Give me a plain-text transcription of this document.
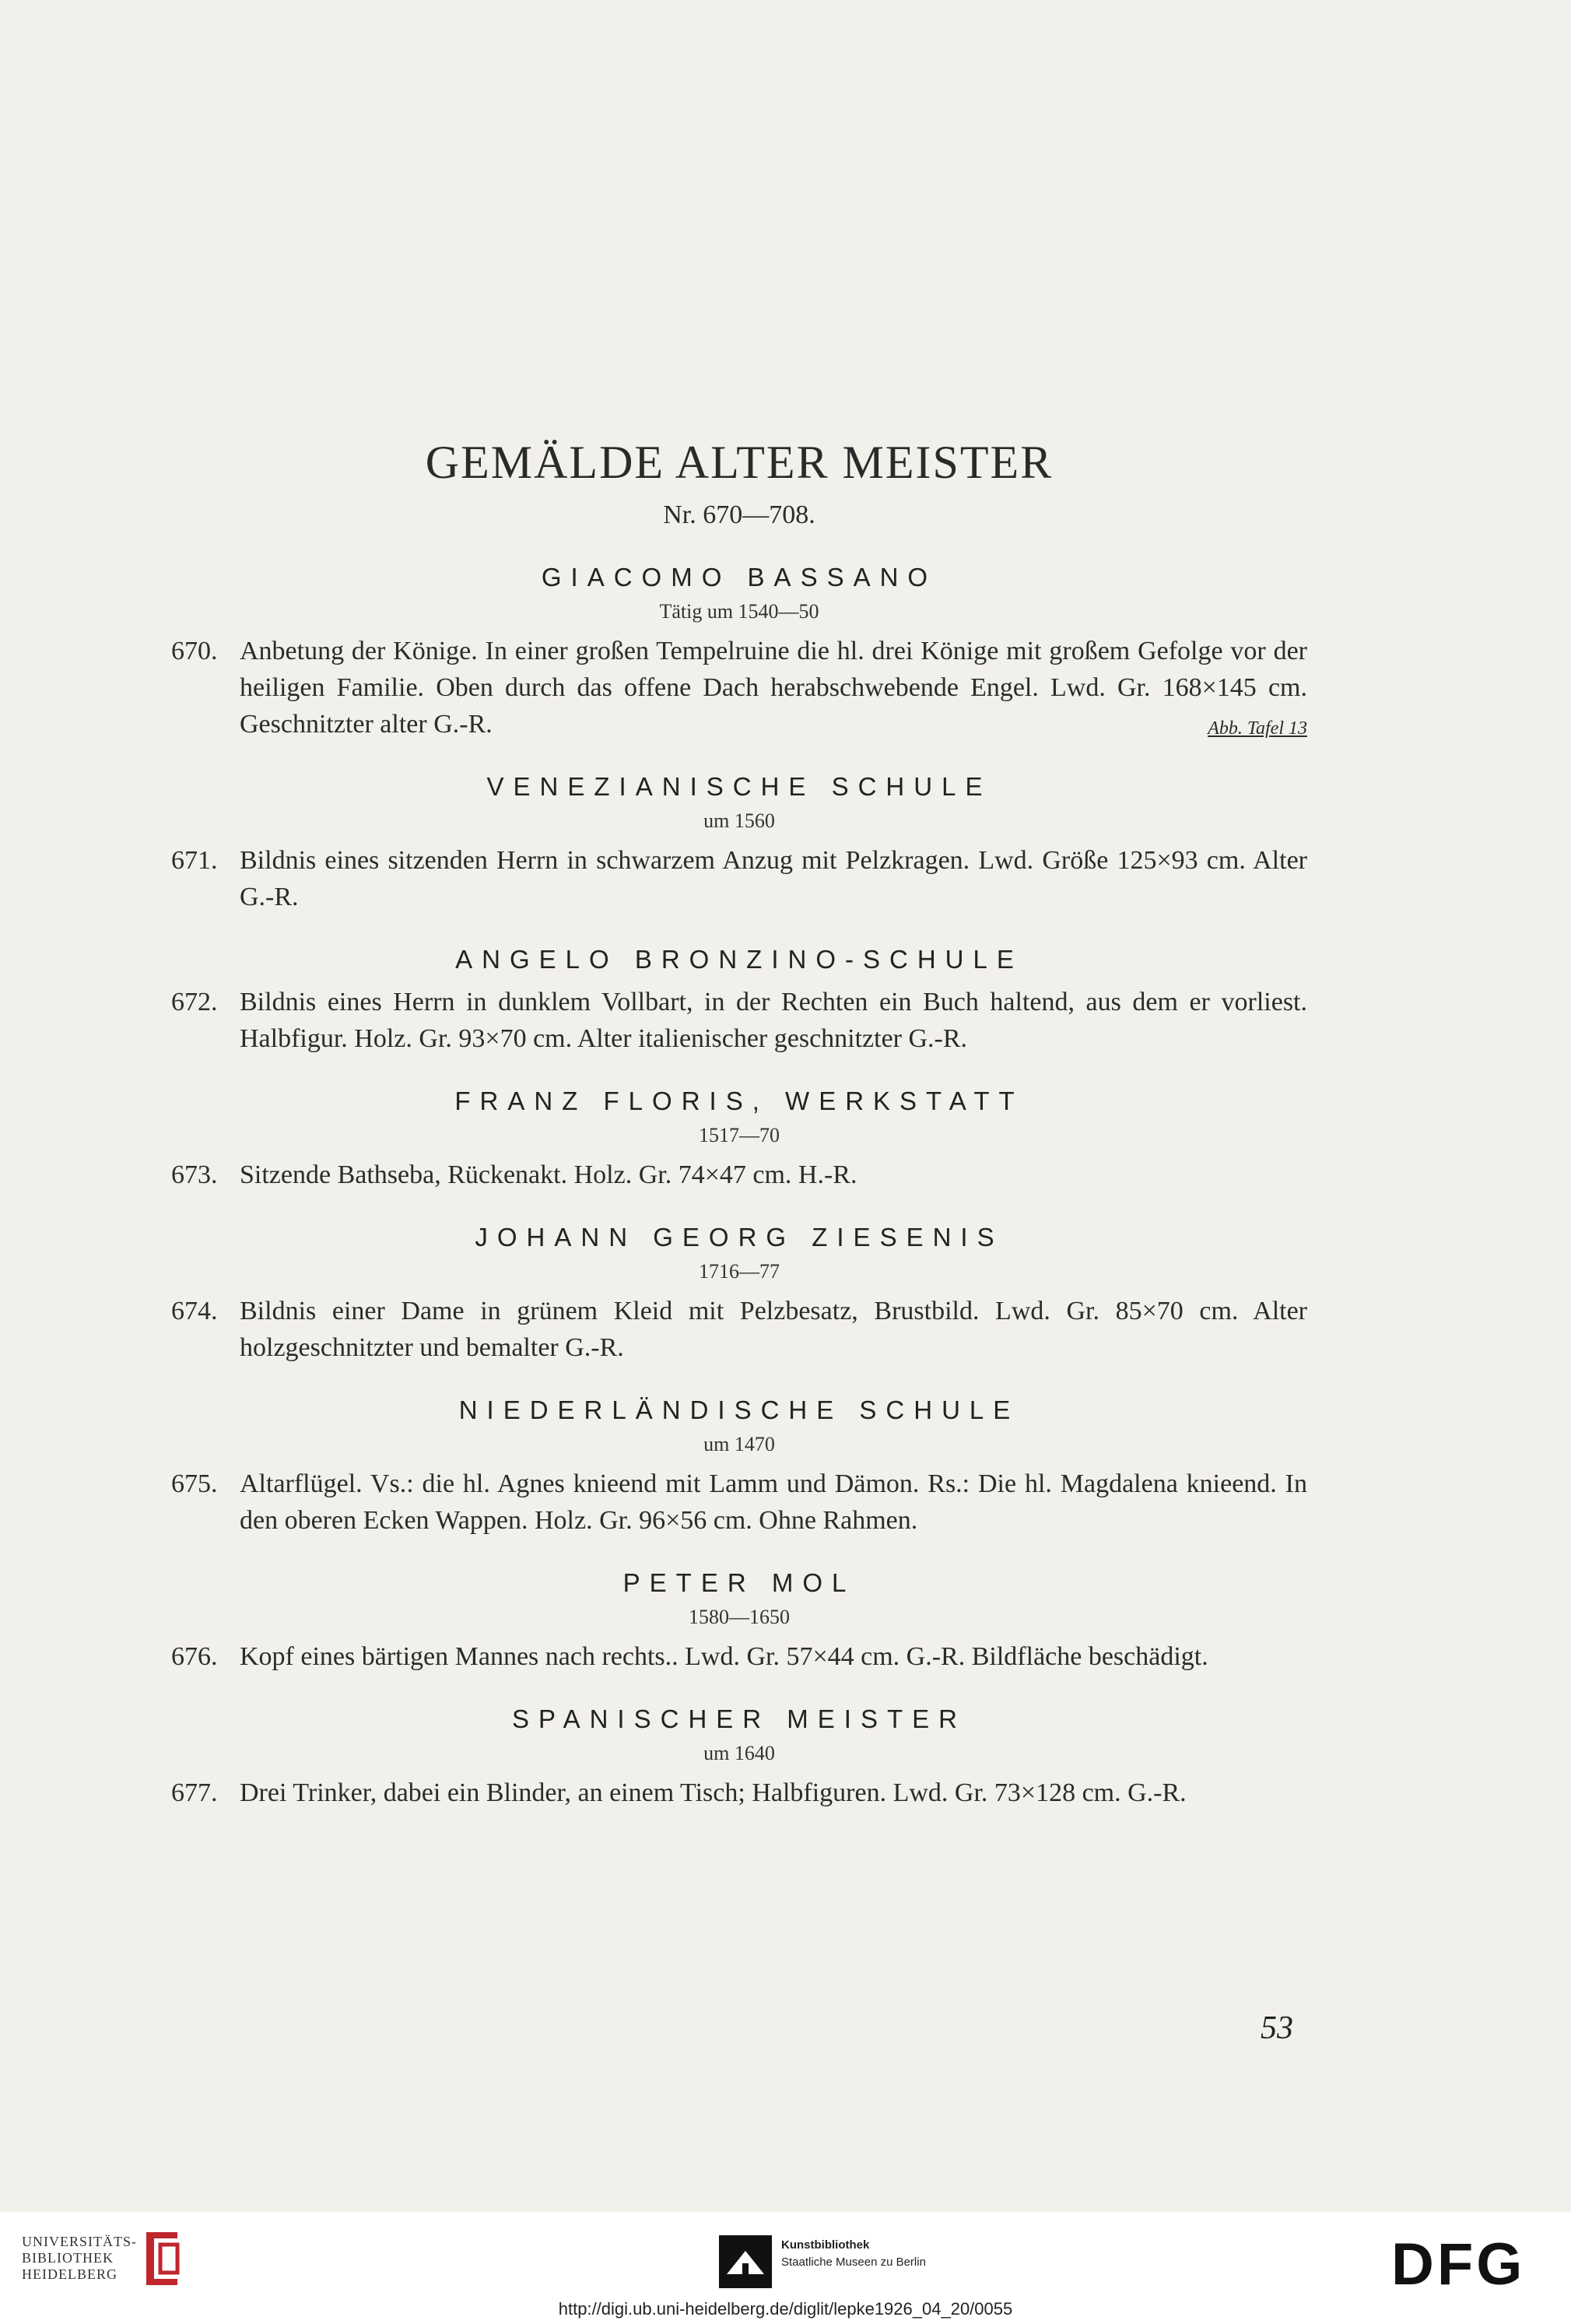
GEMÄLDE ALTER MEISTER

Nr. 670—708.

GIACOMO BASSANO

Tätig um 1540—50

670. Anbetung der Könige. In einer großen Tempelruine die hl. drei Könige mit großem Gefolge vor der heiligen Familie. Oben durch das offene Dach herabschwebende Engel. Lwd. Gr. 168×145 cm. Geschnitzter alter G.-R.	Abb. Tafel 13
VENEZIANISCHE SCHULE

um 1560

671. Bildnis eines sitzenden Herrn in schwarzem Anzug mit Pelzkragen. Lwd. Größe 125×93 cm. Alter G.-R.
ANGELO BRONZINO-SCHULE
672. Bildnis eines Herrn in dunklem Vollbart, in der Rechten ein Buch haltend, aus dem er vorliest. Halbfigur. Holz. Gr. 93×70 cm. Alter italienischer geschnitzter G.-R.
FRANZ FLORIS, WERKSTATT

1517—70

673. Sitzende Bathseba, Rückenakt. Holz. Gr. 74×47 cm. H.-R.
JOHANN GEORG ZIESENIS

1716—77

674. Bildnis einer Dame in grünem Kleid mit Pelzbesatz, Brustbild. Lwd. Gr. 85×70 cm. Alter holzgeschnitzter und bemalter G.-R.
NIEDERLÄNDISCHE SCHULE

um 1470

675. Altarflügel. Vs.: die hl. Agnes knieend mit Lamm und Dämon. Rs.: Die hl. Magdalena knieend. In den oberen Ecken Wappen. Holz. Gr. 96×56 cm. Ohne Rahmen.
PETER MOL

1580—1650

676. Kopf eines bärtigen Mannes nach rechts.. Lwd. Gr. 57×44 cm. G.-R. Bildfläche beschädigt.
SPANISCHER MEISTER

um 1640

677. Drei Trinker, dabei ein Blinder, an einem Tisch; Halbfiguren. Lwd. Gr. 73×128 cm. G.-R.
53
UNIVERSITÄTS-
BIBLIOTHEK
HEIDELBERG
Kunstbibliothek
Staatliche Museen zu Berlin	DFG
http://digi.ub.uni-heidelberg.de/diglit/lepke1926_04_20/0055
